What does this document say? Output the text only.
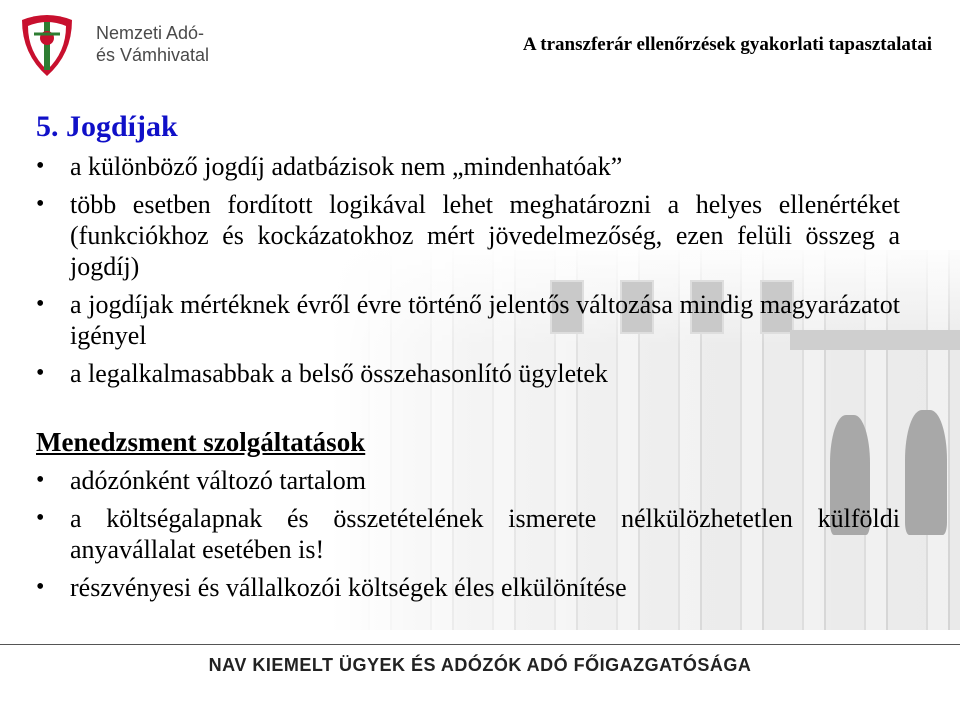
Nemzeti Adó-
és Vámhivatal	A transzferár ellenőrzések gyakorlati tapasztalatai
5. Jogdíjak
• a különböző jogdíj adatbázisok nem „mindenhatóak”
• több esetben fordított logikával lehet meghatározni a helyes ellenértéket (funkciókhoz és kockázatokhoz mért jövedelmezőség, ezen felüli összeg a jogdíj)
• a jogdíjak mértéknek évről évre történő jelentős változása mindig magyarázatot igényel
• a legalkalmasabbak a belső összehasonlító ügyletek
Menedzsment szolgáltatások
• adózónként változó tartalom
• a költségalapnak és összetételének ismerete nélkülözhetetlen külföldi anyavállalat esetében is!
• részvényesi és vállalkozói költségek éles elkülönítése
NAV KIEMELT ÜGYEK ÉS ADÓZÓK ADÓ FŐIGAZGATÓSÁGA
